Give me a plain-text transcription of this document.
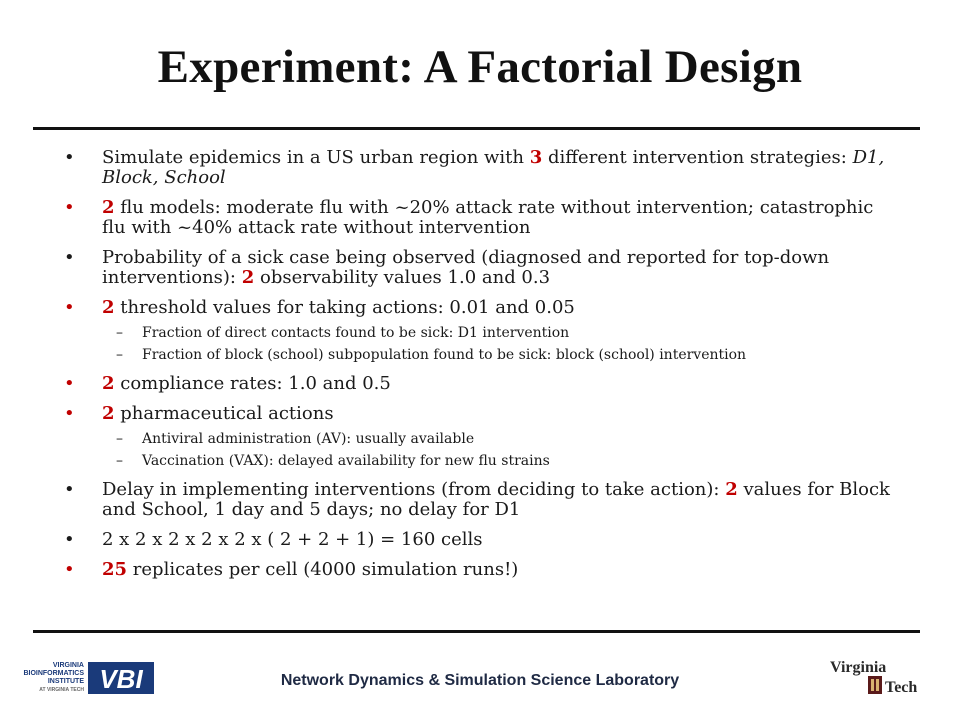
Experiment: A Factorial Design
• Simulate epidemics in a US urban region with 3 different intervention strategies: D1, Block, School
• 2 flu models: moderate flu with ~20% attack rate without intervention; catastrophic flu with ~40% attack rate without intervention
• Probability of a sick case being observed (diagnosed and reported for top-down interventions): 2 observability values 1.0 and 0.3
• 2 threshold values for taking actions: 0.01 and 0.05
– Fraction of direct contacts found to be sick: D1 intervention
– Fraction of block (school) subpopulation found to be sick: block (school) intervention
• 2 compliance rates: 1.0 and 0.5
• 2 pharmaceutical actions
– Antiviral administration (AV): usually available
– Vaccination (VAX): delayed availability for new flu strains
• Delay in implementing interventions (from deciding to take action): 2 values for Block and School, 1 day and 5 days; no delay for D1
• 2 x 2 x 2 x 2 x 2 x ( 2 + 2 + 1) = 160 cells
• 25 replicates per cell (4000 simulation runs!)
VIRGINIA
BIOINFORMATICS
INSTITUTE
AT VIRGINIA TECH VBI	Network Dynamics & Simulation Science Laboratory
Virginia
Tech
